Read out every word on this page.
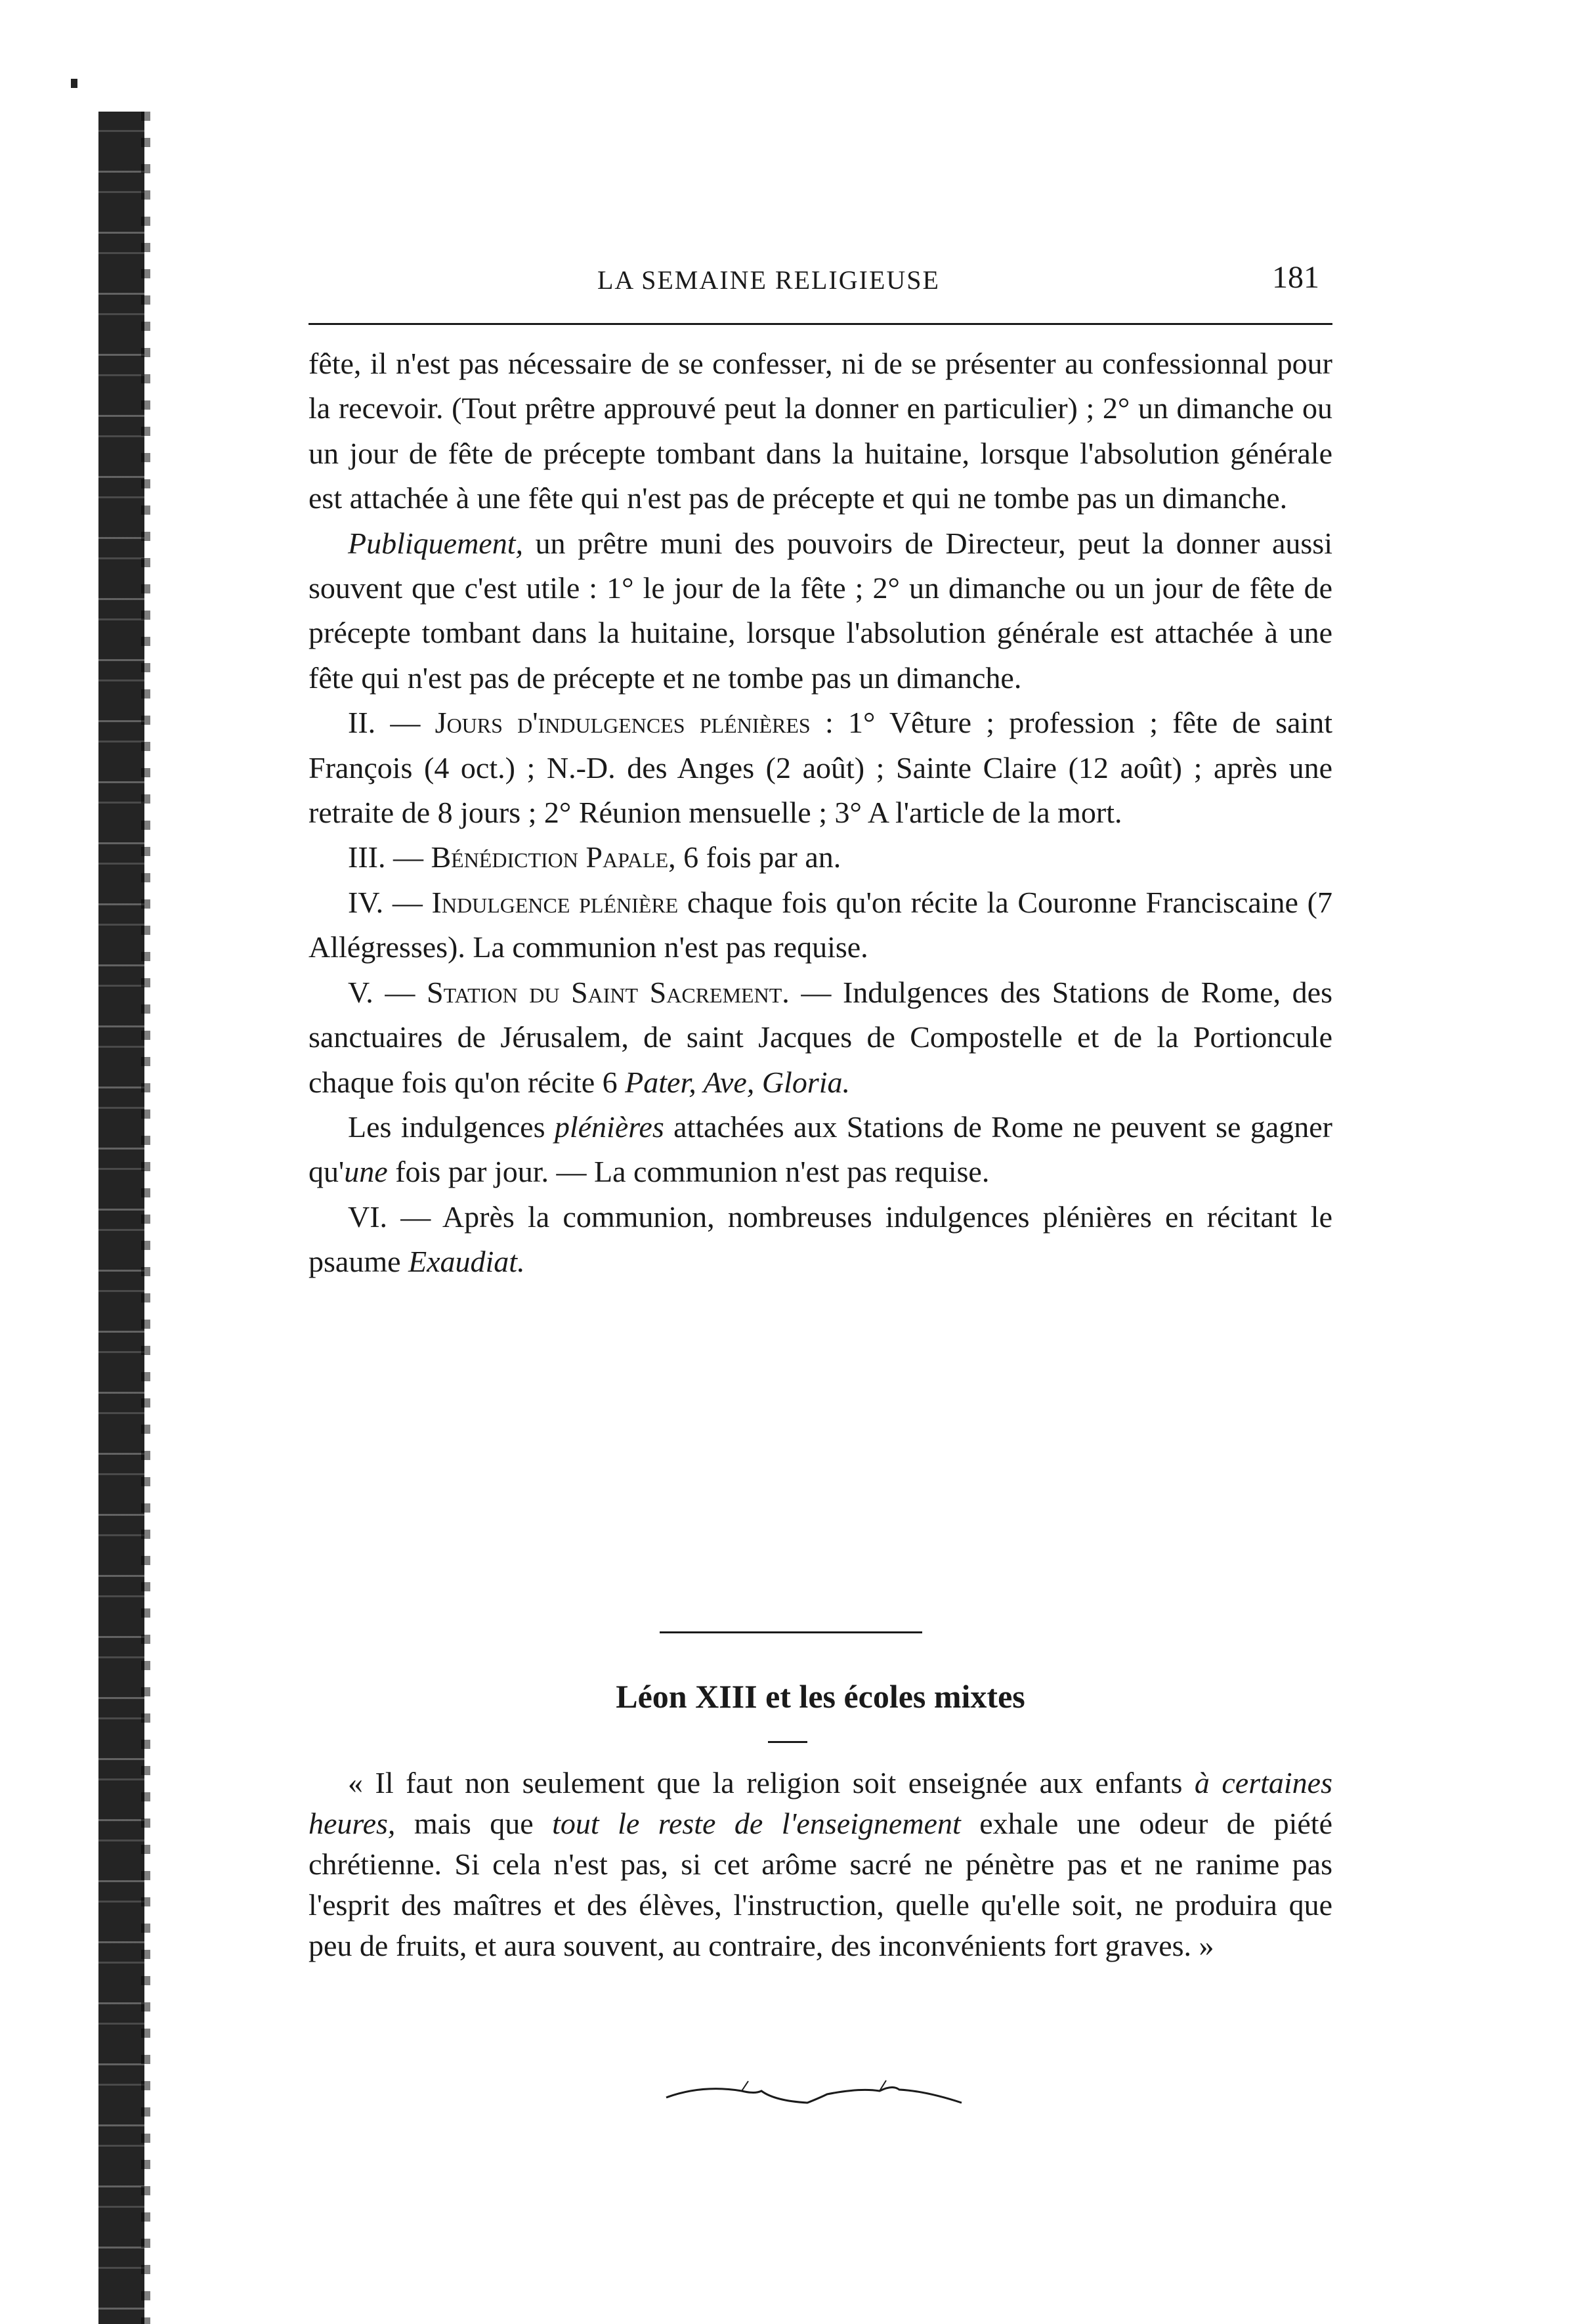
LA SEMAINE RELIGIEUSE	181

fête, il n'est pas nécessaire de se confesser, ni de se présenter au confessionnal pour la recevoir. (Tout prêtre approuvé peut la donner en particulier) ; 2° un dimanche ou un jour de fête de précepte tombant dans la huitaine, lorsque l'absolution générale est attachée à une fête qui n'est pas de précepte et qui ne tombe pas un dimanche.

Publiquement, un prêtre muni des pouvoirs de Directeur, peut la donner aussi souvent que c'est utile : 1° le jour de la fête ; 2° un dimanche ou un jour de fête de précepte tombant dans la huitaine, lorsque l'absolution générale est attachée à une fête qui n'est pas de précepte et ne tombe pas un dimanche.

II. — Jours d'indulgences plénières : 1° Vêture ; profession ; fête de saint François (4 oct.) ; N.-D. des Anges (2 août) ; Sainte Claire (12 août) ; après une retraite de 8 jours ; 2° Réunion mensuelle ; 3° A l'article de la mort.

III. — Bénédiction Papale, 6 fois par an.

IV. — Indulgence plénière chaque fois qu'on récite la Couronne Franciscaine (7 Allégresses). La communion n'est pas requise.

V. — Station du Saint Sacrement. — Indulgences des Stations de Rome, des sanctuaires de Jérusalem, de saint Jacques de Compostelle et de la Portioncule chaque fois qu'on récite 6 Pater, Ave, Gloria.

Les indulgences plénières attachées aux Stations de Rome ne peuvent se gagner qu'une fois par jour. — La communion n'est pas requise.

VI. — Après la communion, nombreuses indulgences plénières en récitant le psaume Exaudiat.

Léon XIII et les écoles mixtes

« Il faut non seulement que la religion soit enseignée aux enfants à certaines heures, mais que tout le reste de l'enseignement exhale une odeur de piété chrétienne. Si cela n'est pas, si cet arôme sacré ne pénètre pas et ne ranime pas l'esprit des maîtres et des élèves, l'instruction, quelle qu'elle soit, ne produira que peu de fruits, et aura souvent, au contraire, des inconvénients fort graves. »
